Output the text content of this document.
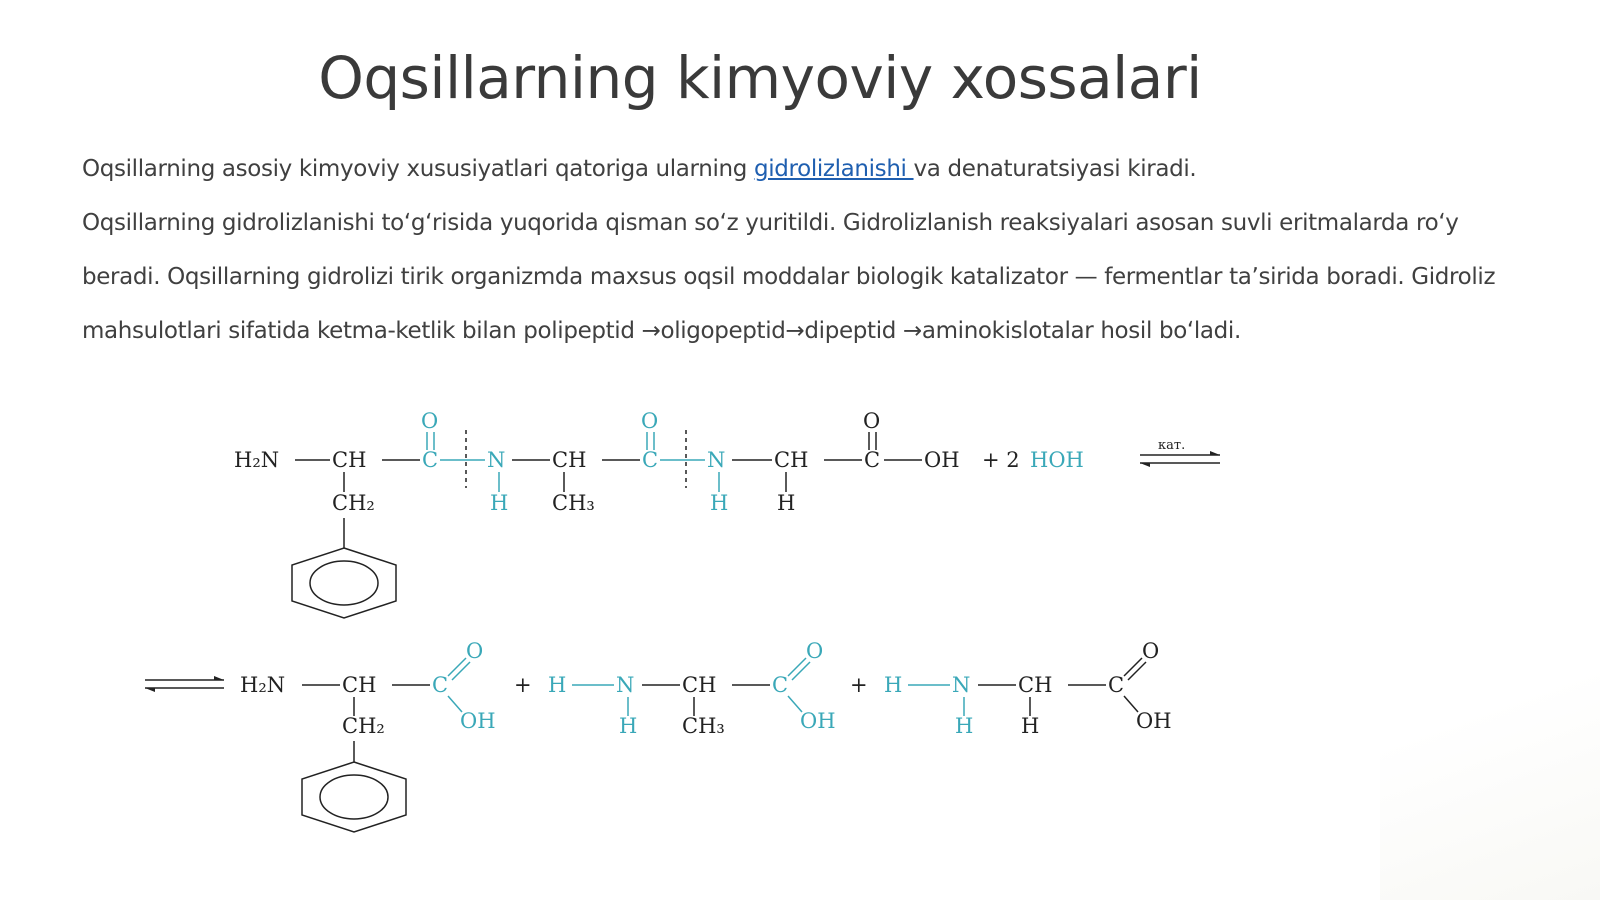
Oqsillarning kimyoviy xossalari

Oqsillarning asosiy kimyoviy xususiyatlari qatoriga ularning gidrolizlanishi va denaturatsiyasi kiradi.

Oqsillarning gidrolizlanishi toʻgʻrisida yuqorida qisman soʻz yuritildi. Gidrolizlanish reaksiyalari asosan suvli eritmalarda roʻy beradi. Oqsillarning gidrolizi tirik organizmda maxsus oqsil moddalar biologik katalizator — fermentlar taʼsirida boradi. Gidroliz mahsulotlari sifatida ketma-ketlik bilan polipeptid →oligopeptid→dipeptid →aminokislotalar hosil boʻladi.

H₂N	CH	C
O
N CH	C
O
N CH	C
O
OH + 2 HOH
CH₂	H CH₃	H H
кат.
H₂N	CH	C
O
OH
CH₂
+ H N CH	C
O
OH
H CH₃
+ H N CH	C
O
OH
H H
